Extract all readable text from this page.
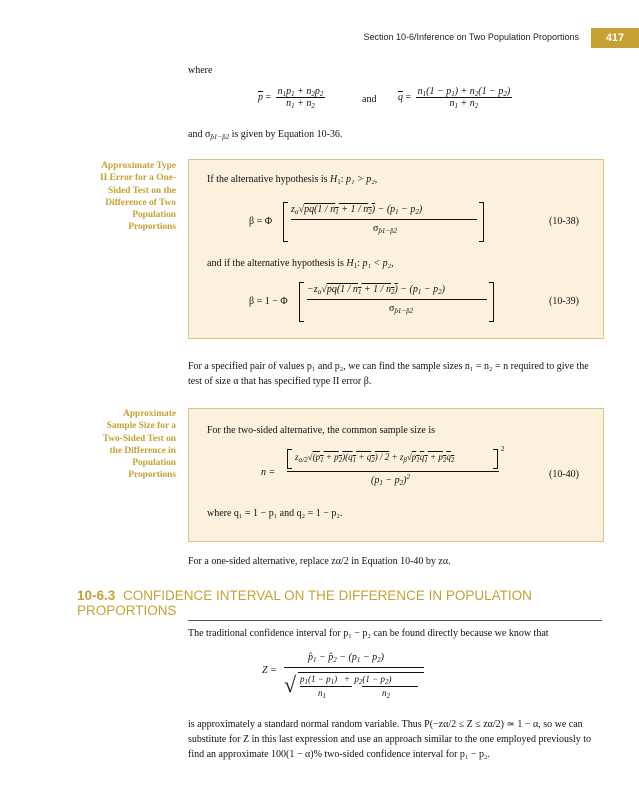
Section 10-6/Inference on Two Population Proportions	417
where
$\overline{p} = \frac{n_1p_1 + n_2p_2}{n_1 + n_2}$	and $\overline{q} = \frac{n_1(1 - p_1) + n_2(1 - p_2)}{n_1 + n_2}$
and $\sigma_{p̂1-p̂2}$ is given by Equation 10-36.
Approximate Type II Error for a One-Sided Test on the Difference of Two Population Proportions
If the alternative hypothesis is $H_1$: p₁ > p₂,
β = Φ
$z_\alpha√pq(1 / n_1 + 1 / n_2) - (p_1 - p_2)$
$\sigma_{p̂1-p̂2}$
(10-38)
and if the alternative hypothesis is $H_1$: p₁ < p₂,
β = 1 − Φ
$-z_\alpha√pq(1 / n_1 + 1 / n_2) - (p_1 - p_2)$
$\sigma_{p̂1-p̂2}$
(10-39)
For a specified pair of values p₁ and p₂, we can find the sample sizes n₁ = n₂ = n required to give the test of size α that has specified type II error β.
Approximate Sample Size for a Two-Sided Test on the Difference in Population Proportions
For the two-sided alternative, the common sample size is
n =
$z_{\alpha/2}√(p_1 + p_2)(q_1 + q_2) / 2 + z_\beta√p_1q_1 + p_2q_2$
2
$(p_1 - p_2)^2$	(10-40)
where q₁ = 1 − p₁ and q₂ = 1 − p₂.
For a one-sided alternative, replace zα/2 in Equation 10-40 by zα.
10-6.3 CONFIDENCE INTERVAL ON THE DIFFERENCE IN POPULATION PROPORTIONS
The traditional confidence interval for p₁ − p₂ can be found directly because we know that
Z =
$p̂_1$ − $p̂_2 - (p_1 - p_2)$
√ $p_1(1 - p_1) + p_2(1 - p_2)$
$n_1$	$n_2$
is approximately a standard normal random variable. Thus P(−zα/2 ≤ Z ≤ zα/2) ≃ 1 − α, so we can substitute for Z in this last expression and use an approach similar to the one employed previously to find an approximate 100(1 − α)% two-sided confidence interval for p₁ − p₂.
